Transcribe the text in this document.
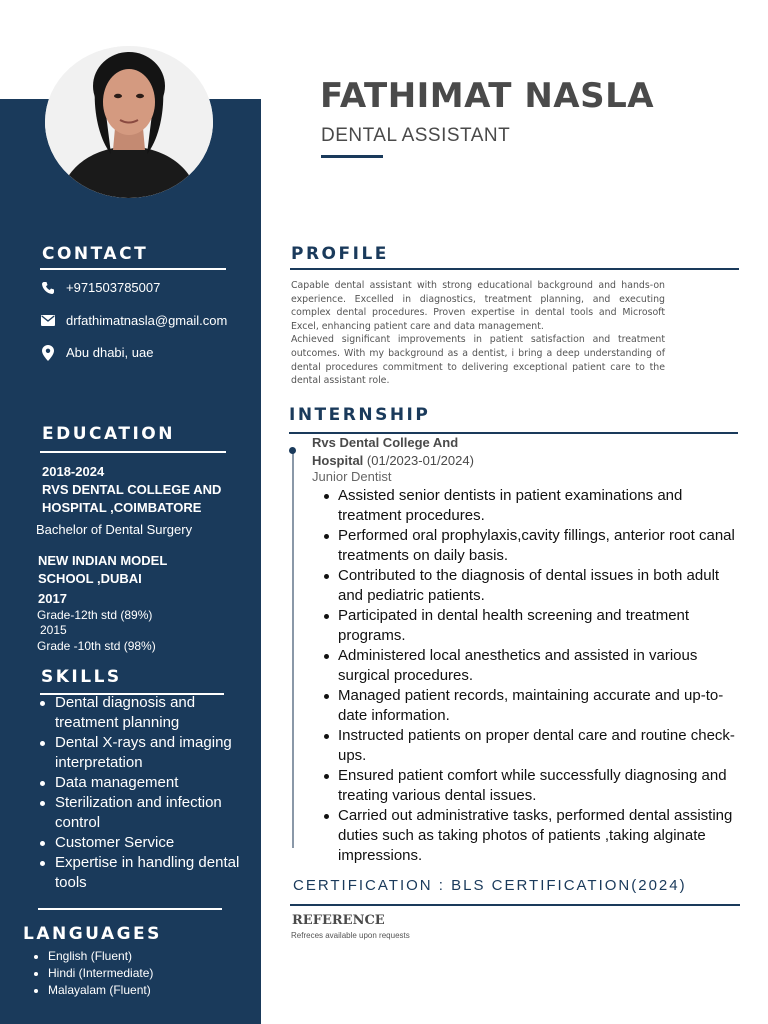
CONTACT
+971503785007
drfathimatnasla@gmail.com
Abu dhabi, uae
EDUCATION
2018-2024
RVS DENTAL COLLEGE AND
HOSPITAL ,COIMBATORE
Bachelor of Dental Surgery
NEW INDIAN MODEL
SCHOOL ,DUBAI
2017
Grade-12th std (89%)
2015
Grade -10th std (98%)
SKILLS
Dental diagnosis and treatment planning
Dental X-rays and imaging interpretation
Data management
Sterilization and infection control
Customer Service
Expertise in handling dental tools
LANGUAGES
English (Fluent)
Hindi (Intermediate)
Malayalam (Fluent)
FATHIMAT NASLA
DENTAL ASSISTANT
PROFILE

Capable dental assistant with strong educational background and hands-on experience. Excelled in diagnostics, treatment planning, and executing complex dental procedures. Proven expertise in dental tools and Microsoft Excel, enhancing patient care and data management.

Achieved significant improvements in patient satisfaction and treatment outcomes. With my background as a dentist, i bring a deep understanding of dental procedures commitment to delivering exceptional patient care to the dental assistant role.

INTERNSHIP
Rvs Dental College And
Hospital (01/2023-01/2024)
Junior Dentist
Assisted senior dentists in patient examinations and treatment procedures.
Performed oral prophylaxis,cavity fillings, anterior root canal treatments on daily basis.
Contributed to the diagnosis of dental issues in both adult and pediatric patients.
Participated in dental health screening and treatment programs.
Administered local anesthetics and assisted in various surgical procedures.
Managed patient records, maintaining accurate and up-to-date information.
Instructed patients on proper dental care and routine check-ups.
Ensured patient comfort while successfully diagnosing and treating various dental issues.
Carried out administrative tasks, performed dental assisting duties such as taking photos of patients ,taking alginate impressions.
CERTIFICATION : BLS CERTIFICATION(2024)
REFERENCE
Refreces available upon requests
